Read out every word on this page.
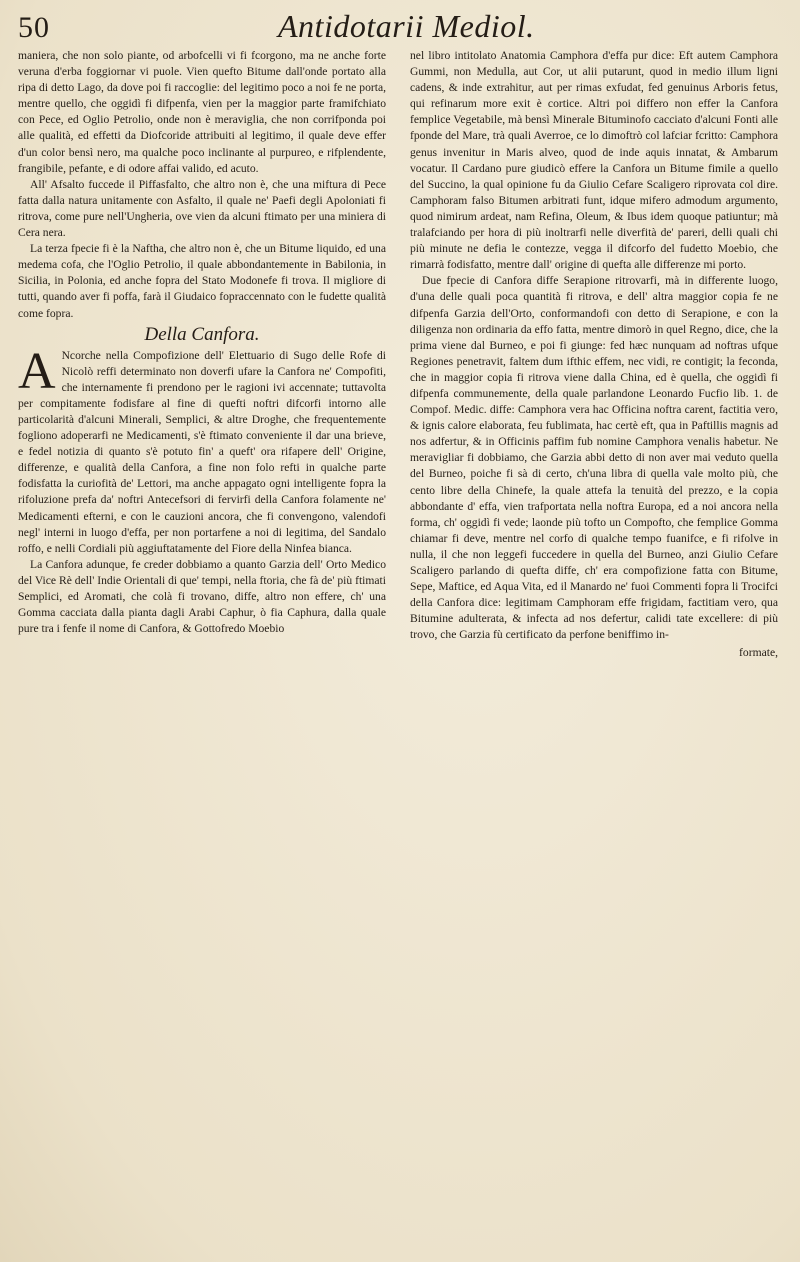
50	Antidotarii Mediol.

maniera, che non solo piante, od arbofcelli vi fi fcorgono, ma ne anche forte veruna d'erba foggiornar vi puole. Vien quefto Bitume dall'onde portato alla ripa di detto Lago, da dove poi fi raccoglie: del legitimo poco a noi fe ne porta, mentre quello, che oggidì fi difpenfa, vien per la maggior parte framifchiato con Pece, ed Oglio Petrolio, onde non è meraviglia, che non corrifponda poi alle qualità, ed effetti da Diofcoride attribuiti al legitimo, il quale deve effer d'un color bensì nero, ma qualche poco inclinante al purpureo, e rifplendente, frangibile, pefante, e di odore affai valido, ed acuto.

All' Afsalto fuccede il Piffasfalto, che altro non è, che una miftura di Pece fatta dalla natura unitamente con Asfalto, il quale ne' Paefi degli Apoloniati fi ritrova, come pure nell'Ungheria, ove vien da alcuni ftimato per una miniera di Cera nera.

La terza fpecie fi è la Naftha, che altro non è, che un Bitume liquido, ed una medema cofa, che l'Oglio Petrolio, il quale abbondantemente in Babilonia, in Sicilia, in Polonia, ed anche fopra del Stato Modonefe fi trova. Il migliore di tutti, quando aver fi poffa, farà il Giudaico fopraccennato con le fudette qualità come fopra.

Della Canfora.

A Ncorche nella Compofizione dell' Elettuario di Sugo delle Rofe di Nicolò reffi determinato non doverfi ufare la Canfora ne' Compofiti, che internamente fi prendono per le ragioni ivi accennate; tuttavolta per compitamente fodisfare al fine di quefti noftri difcorfi intorno alle particolarità d'alcuni Minerali, Semplici, & altre Droghe, che frequentemente fogliono adoperarfi ne Medicamenti, s'è ftimato conveniente il dar una brieve, e fedel notizia di quanto s'è potuto fin' a queft' ora rifapere dell' Origine, differenze, e qualità della Canfora, a fine non folo refti in qualche parte fodisfatta la curiofità de' Lettori, ma anche appagato ogni intelligente fopra la rifoluzione prefa da' noftri Antecefsori di fervirfi della Canfora folamente ne' Medicamenti efterni, e con le cauzioni ancora, che fi convengono, valendofi negl' interni in luogo d'effa, per non portarfene a noi di legitima, del Sandalo roffo, e nelli Cordiali più aggiuftatamente del Fiore della Ninfea bianca.

La Canfora adunque, fe creder dobbiamo a quanto Garzia dell' Orto Medico del Vice Rè dell' Indie Orientali di que' tempi, nella ftoria, che fà de' più ftimati Semplici, ed Aromati, che colà fi trovano, diffe, altro non effere, ch' una Gomma cacciata dalla pianta dagli Arabi Caphur, ò fia Caphura, dalla quale pure tra i fenfe il nome di Canfora, & Gottofredo Moebio

nel libro intitolato Anatomia Camphora d'effa pur dice: Eft autem Camphora Gummi, non Medulla, aut Cor, ut alii putarunt, quod in medio illum ligni cadens, & inde extrahitur, aut per rimas exfudat, fed genuinus Arboris fetus, qui refinarum more exit è cortice. Altri poi differo non effer la Canfora femplice Vegetabile, mà bensì Minerale Bituminofo cacciato d'alcuni Fonti alle fponde del Mare, trà quali Averroe, ce lo dimoftrò col lafciar fcritto: Camphora genus invenitur in Maris alveo, quod de inde aquis innatat, & Ambarum vocatur. Il Cardano pure giudicò effere la Canfora un Bitume fimile a quello del Succino, la qual opinione fu da Giulio Cefare Scaligero riprovata col dire. Camphoram falso Bitumen arbitrati funt, idque mifero admodum argumento, quod nimirum ardeat, nam Refina, Oleum, & Ibus idem quoque patiuntur; mà tralafciando per hora di più inoltrarfi nelle diverfità de' pareri, delli quali chi più minute ne defia le contezze, vegga il difcorfo del fudetto Moebio, che rimarrà fodisfatto, mentre dall' origine di quefta alle differenze mi porto.

Due fpecie di Canfora diffe Serapione ritrovarfi, mà in differente luogo, d'una delle quali poca quantità fi ritrova, e dell' altra maggior copia fe ne difpenfa Garzia dell'Orto, conformandofi con detto di Serapione, e con la diligenza non ordinaria da effo fatta, mentre dimorò in quel Regno, dice, che la prima viene dal Burneo, e poi fi giunge: fed hæc nunquam ad noftras ufque Regiones penetravit, faltem dum ifthic effem, nec vidi, re contigit; la feconda, che in maggior copia fi ritrova viene dalla China, ed è quella, che oggidì fi difpenfa communemente, della quale parlandone Leonardo Fucfio lib. 1. de Compof. Medic. diffe: Camphora vera hac Officina noftra carent, factitia vero, & ignis calore elaborata, feu fublimata, hac certè eft, qua in Paftillis magnis ad nos adfertur, & in Officinis paffim fub nomine Camphora venalis habetur. Ne meravigliar fi dobbiamo, che Garzia abbi detto di non aver mai veduto quella del Burneo, poiche fi sà di certo, ch'una libra di quella vale molto più, che cento libre della Chinefe, la quale attefa la tenuità del prezzo, e la copia abbondante d' effa, vien trafportata nella noftra Europa, ed a noi ancora nella forma, ch' oggidì fi vede; laonde più tofto un Compofto, che femplice Gomma chiamar fi deve, mentre nel corfo di qualche tempo fuanifce, e fi rifolve in nulla, il che non leggefi fuccedere in quella del Burneo, anzi Giulio Cefare Scaligero parlando di quefta diffe, ch' era compofizione fatta con Bitume, Sepe, Maftice, ed Aqua Vita, ed il Manardo ne' fuoi Commenti fopra li Trocifci della Canfora dice: legitimam Camphoram effe frigidam, factitiam vero, qua Bitumine adulterata, & infecta ad nos defertur, calidi tate excellere: di più trovo, che Garzia fù certificato da perfone beniffimo in-

formate,
